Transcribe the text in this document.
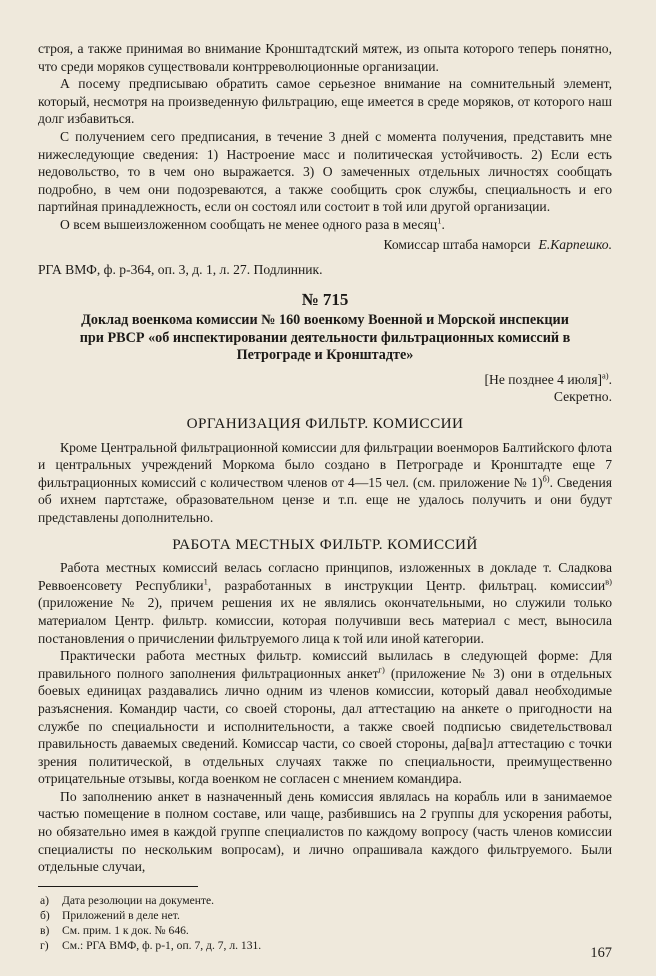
строя, а также принимая во внимание Кронштадтский мятеж, из опыта которого теперь понятно, что среди моряков существовали контрреволюционные организации.

А посему предписываю обратить самое серьезное внимание на сомнительный элемент, который, несмотря на произведенную фильтрацию, еще имеется в среде моряков, от которого наш долг избавиться.

С получением сего предписания, в течение 3 дней с момента получения, представить мне нижеследующие сведения: 1) Настроение масс и политическая устойчивость. 2) Если есть недовольство, то в чем оно выражается. 3) О замеченных отдельных личностях сообщать подробно, в чем они подозреваются, а также сообщить срок службы, специальность и его партийная принадлежность, если он состоял или состоит в той или другой организации.

О всем вышеизложенном сообщать не менее одного раза в месяц$^1$.

Комиссар штаба наморси Е.Карпешко.

РГА ВМФ, ф. р-364, оп. 3, д. 1, л. 27. Подлинник.

№ 715
Доклад военкома комиссии № 160 военкому Военной и Морской инспекции при РВСР «об инспектировании деятельности фильтрационных комиссий в Петрограде и Кронштадте»
[Не позднее 4 июля]$^{а)}$.
Секретно.
ОРГАНИЗАЦИЯ ФИЛЬТР. КОМИССИИ

Кроме Центральной фильтрационной комиссии для фильтрации военморов Балтийского флота и центральных учреждений Моркома было создано в Петрограде и Кронштадте еще 7 фильтрационных комиссий с количеством членов от 4—15 чел. (см. приложение № 1)$^{б)}$. Сведения об ихнем партстаже, образовательном цензе и т.п. еще не удалось получить и они будут представлены дополнительно.

РАБОТА МЕСТНЫХ ФИЛЬТР. КОМИССИЙ

Работа местных комиссий велась согласно принципов, изложенных в докладе т. Сладкова Реввоенсовету Республики$^1$, разработанных в инструкции Центр. фильтрац. комиссии$^{в)}$ (приложение № 2), причем решения их не являлись окончательными, но служили только материалом Центр. фильтр. комиссии, которая получивши весь материал с мест, выносила постановления о причислении фильтруемого лица к той или иной категории.

Практически работа местных фильтр. комиссий вылилась в следующей форме: Для правильного полного заполнения фильтрационных анкет$^{г)}$ (приложение № 3) они в отдельных боевых единицах раздавались лично одним из членов комиссии, который давал необходимые разъяснения. Командир части, со своей стороны, дал аттестацию на анкете о пригодности на службе по специальности и исполнительности, а также своей подписью свидетельствовал правильность даваемых сведений. Комиссар части, со своей стороны, да[ва]л аттестацию с точки зрения политической, в отдельных случаях также по специальности, преимущественно отрицательные отзывы, когда военком не согласен с мнением командира.

По заполнению анкет в назначенный день комиссия являлась на корабль или в занимаемое частью помещение в полном составе, или чаще, разбившись на 2 группы для ускорения работы, но обязательно имея в каждой группе специалистов по каждому вопросу (часть членов комиссии специалисты по нескольким вопросам), и лично опрашивала каждого фильтруемого. Были отдельные случаи,

а)	Дата резолюции на документе.
б)	Приложений в деле нет.
в)	См. прим. 1 к док. № 646.
г)	См.: РГА ВМФ, ф. р-1, оп. 7, д. 7, л. 131.	167
